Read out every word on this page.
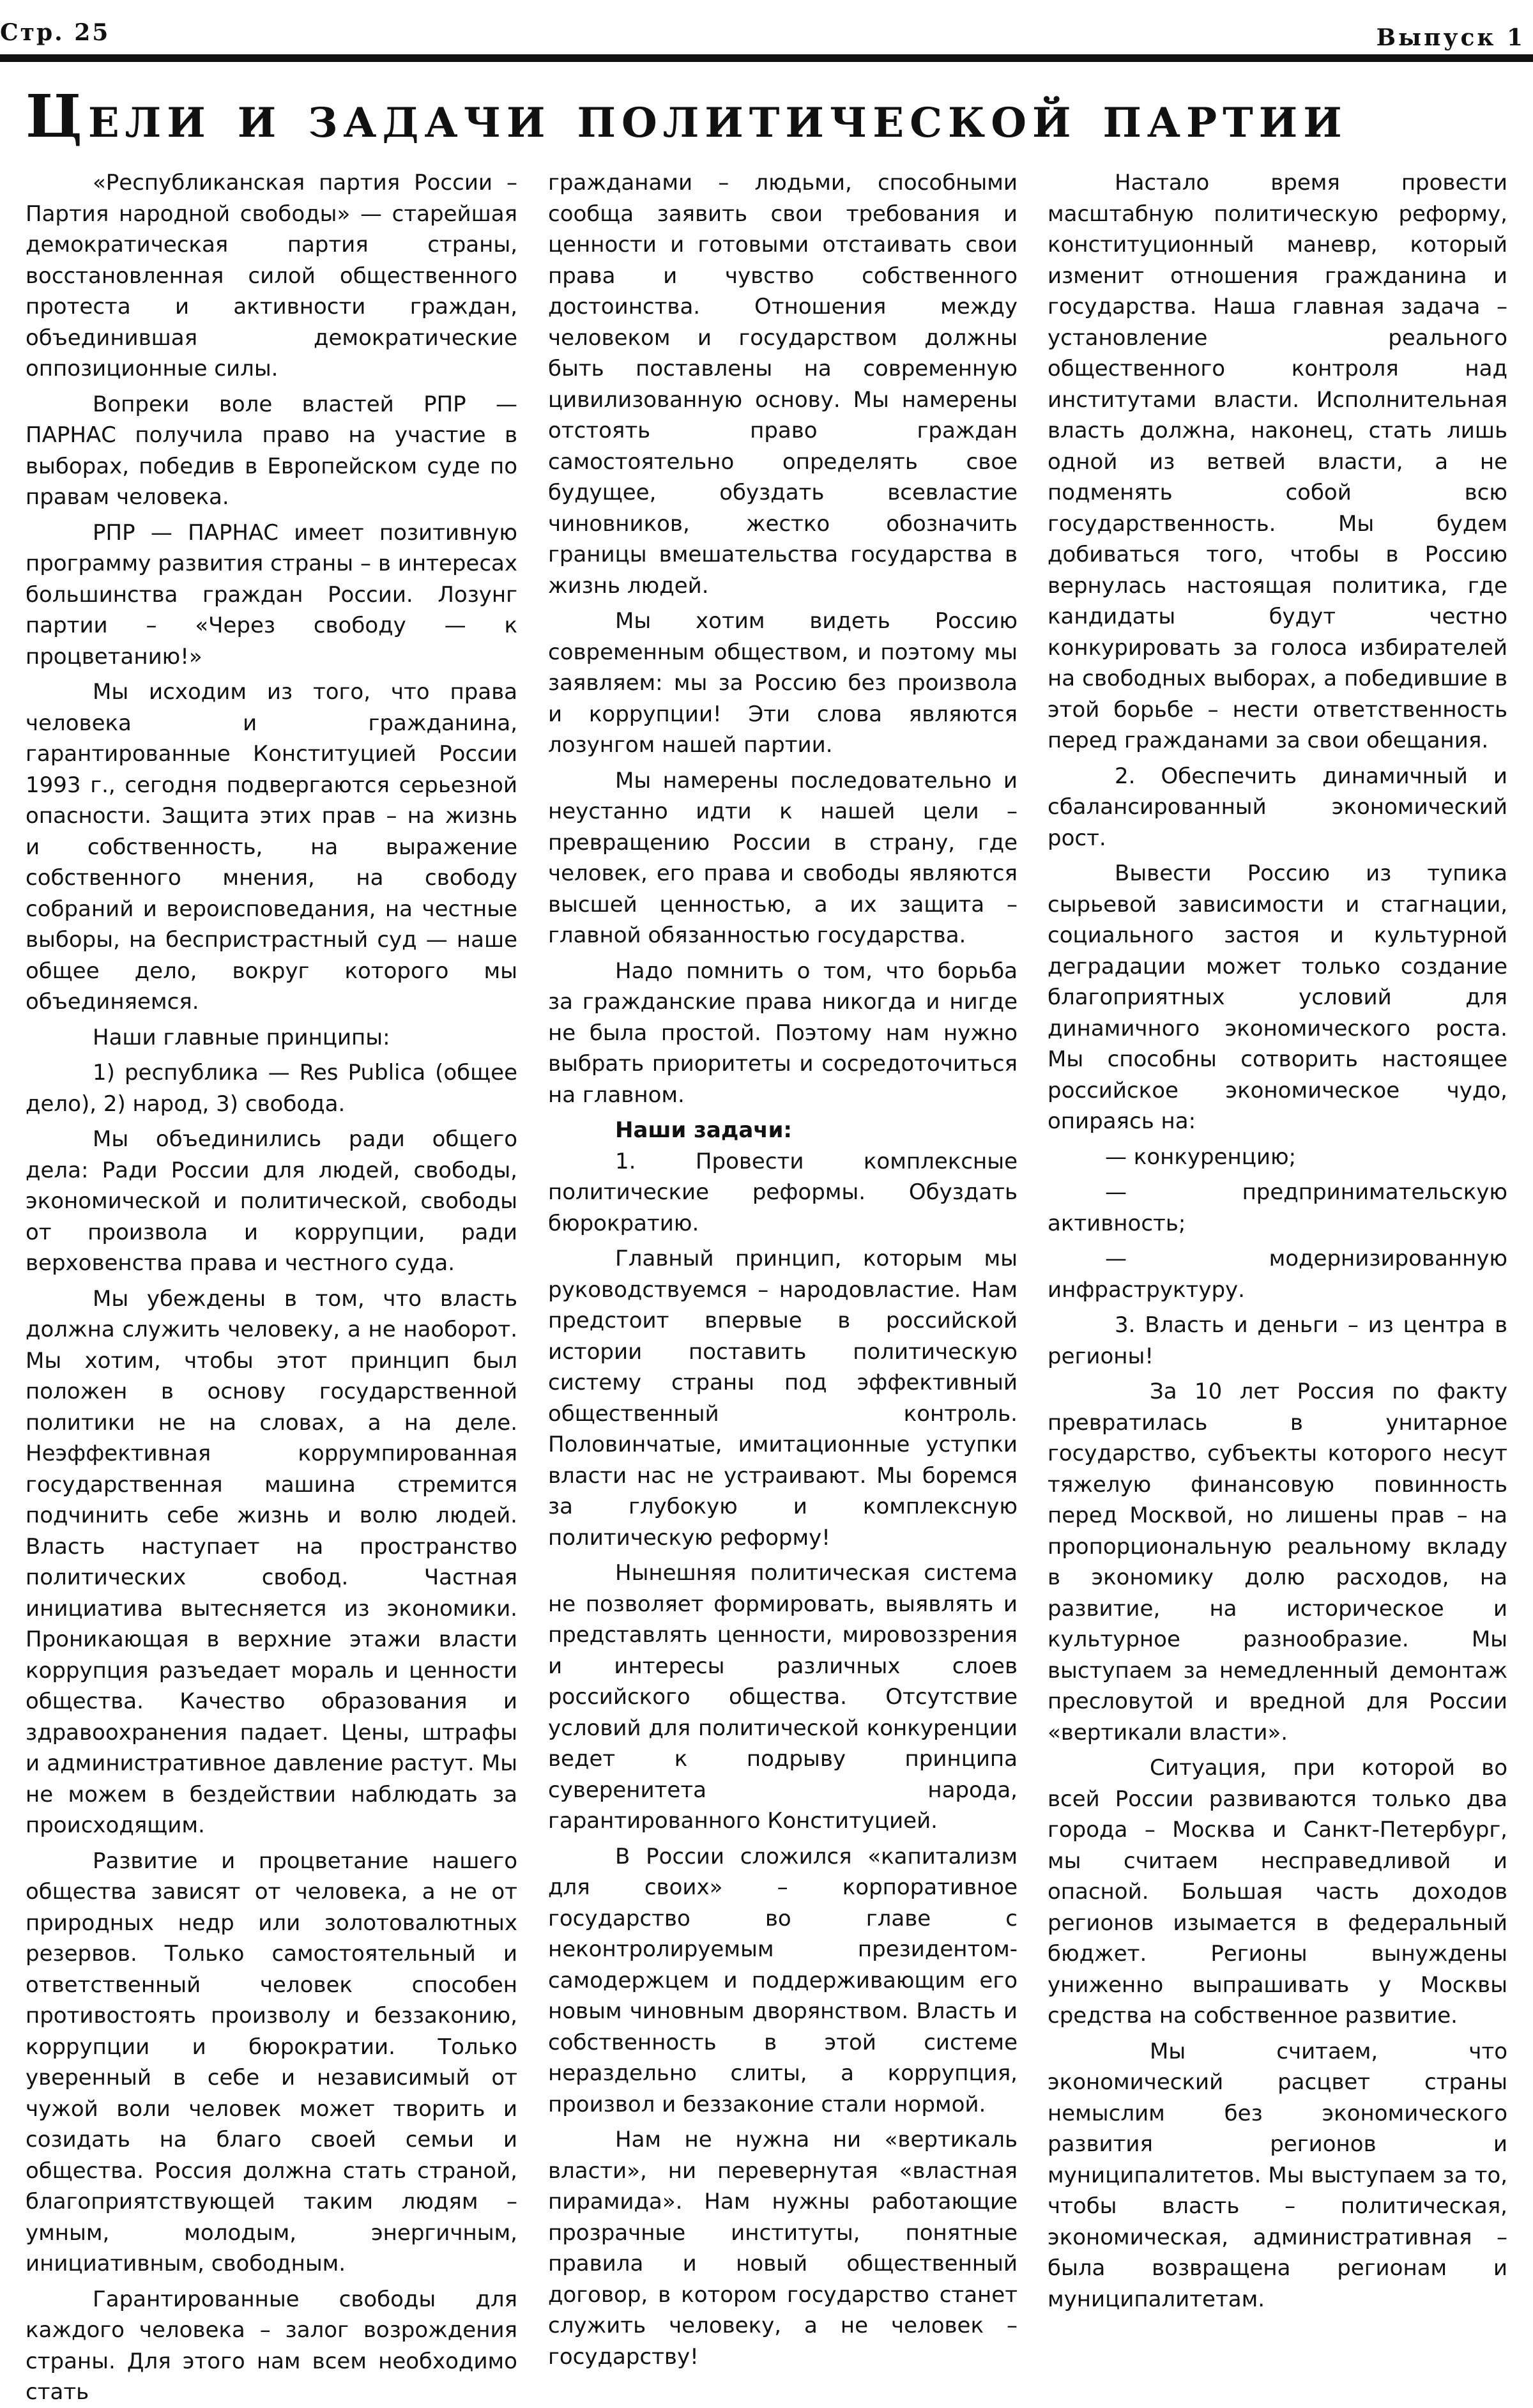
Стр. 25	Выпуск 1
Цели и задачи политической партии

«Республиканская партия России – Партия народной свободы» — старейшая демократическая партия страны, восстановленная силой общественного протеста и активности граждан, объединившая демократические оппозиционные силы.

Вопреки воле властей РПР — ПАРНАС получила право на участие в выборах, победив в Европейском суде по правам человека.

РПР — ПАРНАС имеет позитивную программу развития страны – в интересах большинства граждан России. Лозунг партии – «Через свободу — к процветанию!»

Мы исходим из того, что права человека и гражданина, гарантированные Конституцией России 1993 г., сегодня подвергаются серьезной опасности. Защита этих прав – на жизнь и собственность, на выражение собственного мнения, на свободу собраний и вероисповедания, на честные выборы, на беспристрастный суд — наше общее дело, вокруг которого мы объединяемся.

Наши главные принципы:

1) республика — Res Publica (общее дело), 2) народ, 3) свобода.

Мы объединились ради общего дела: Ради России для людей, свободы, экономической и политической, свободы от произвола и коррупции, ради верховенства права и честного суда.

Мы убеждены в том, что власть должна служить человеку, а не наоборот. Мы хотим, чтобы этот принцип был положен в основу государственной политики не на словах, а на деле. Неэффективная коррумпированная государственная машина стремится подчинить себе жизнь и волю людей. Власть наступает на пространство политических свобод. Частная инициатива вытесняется из экономики. Проникающая в верхние этажи власти коррупция разъедает мораль и ценности общества. Качество образования и здравоохранения падает. Цены, штрафы и административное давление растут. Мы не можем в бездействии наблюдать за происходящим.

Развитие и процветание нашего общества зависят от человека, а не от природных недр или золотовалютных резервов. Только самостоятельный и ответственный человек способен противостоять произволу и беззаконию, коррупции и бюрократии. Только уверенный в себе и независимый от чужой воли человек может творить и созидать на благо своей семьи и общества. Россия должна стать страной, благоприятствующей таким людям – умным, молодым, энергичным, инициативным, свободным.

Гарантированные свободы для каждого человека – залог возрождения страны. Для этого нам всем необходимо стать

гражданами – людьми, способными сообща заявить свои требования и ценности и готовыми отстаивать свои права и чувство собственного достоинства. Отношения между человеком и государством должны быть поставлены на современную цивилизованную основу. Мы намерены отстоять право граждан самостоятельно определять свое будущее, обуздать всевластие чиновников, жестко обозначить границы вмешательства государства в жизнь людей.

Мы хотим видеть Россию современным обществом, и поэтому мы заявляем: мы за Россию без произвола и коррупции! Эти слова являются лозунгом нашей партии.

Мы намерены последовательно и неустанно идти к нашей цели – превращению России в страну, где человек, его права и свободы являются высшей ценностью, а их защита – главной обязанностью государства.

Надо помнить о том, что борьба за гражданские права никогда и нигде не была простой. Поэтому нам нужно выбрать приоритеты и сосредоточиться на главном.

Наши задачи:

1. Провести комплексные политические реформы. Обуздать бюрократию.

Главный принцип, которым мы руководствуемся – народовластие. Нам предстоит впервые в российской истории поставить политическую систему страны под эффективный общественный контроль. Половинчатые, имитационные уступки власти нас не устраивают. Мы боремся за глубокую и комплексную политическую реформу!

Нынешняя политическая система не позволяет формировать, выявлять и представлять ценности, мировоззрения и интересы различных слоев российского общества. Отсутствие условий для политической конкуренции ведет к подрыву принципа суверенитета народа, гарантированного Конституцией.

В России сложился «капитализм для своих» – корпоративное государство во главе с неконтролируемым президентом-самодержцем и поддерживающим его новым чиновным дворянством. Власть и собственность в этой системе нераздельно слиты, а коррупция, произвол и беззаконие стали нормой.

Нам не нужна ни «вертикаль власти», ни перевернутая «властная пирамида». Нам нужны работающие прозрачные институты, понятные правила и новый общественный договор, в котором государство станет служить человеку, а не человек – государству!

Настало время провести масштабную политическую реформу, конституционный маневр, который изменит отношения гражданина и государства. Наша главная задача – установление реального общественного контроля над институтами власти. Исполнительная власть должна, наконец, стать лишь одной из ветвей власти, а не подменять собой всю государственность. Мы будем добиваться того, чтобы в Россию вернулась настоящая политика, где кандидаты будут честно конкурировать за голоса избирателей на свободных выборах, а победившие в этой борьбе – нести ответственность перед гражданами за свои обещания.

2. Обеспечить динамичный и сбалансированный экономический рост.

Вывести Россию из тупика сырьевой зависимости и стагнации, социального застоя и культурной деградации может только создание благоприятных условий для динамичного экономического роста. Мы способны сотворить настоящее российское экономическое чудо, опираясь на:

— конкуренцию;

— предпринимательскую активность;

— модернизированную инфраструктуру.

3. Власть и деньги – из центра в регионы!

За 10 лет Россия по факту превратилась в унитарное государство, субъекты которого несут тяжелую финансовую повинность перед Москвой, но лишены прав – на пропорциональную реальному вкладу в экономику долю расходов, на развитие, на историческое и культурное разнообразие. Мы выступаем за немедленный демонтаж пресловутой и вредной для России «вертикали власти».

Ситуация, при которой во всей России развиваются только два города – Москва и Санкт-Петербург, мы считаем несправедливой и опасной. Большая часть доходов регионов изымается в федеральный бюджет. Регионы вынуждены униженно выпрашивать у Москвы средства на собственное развитие.

Мы считаем, что экономический расцвет страны немыслим без экономического развития регионов и муниципалитетов. Мы выступаем за то, чтобы власть – политическая, экономическая, административная – была возвращена регионам и муниципалитетам.
